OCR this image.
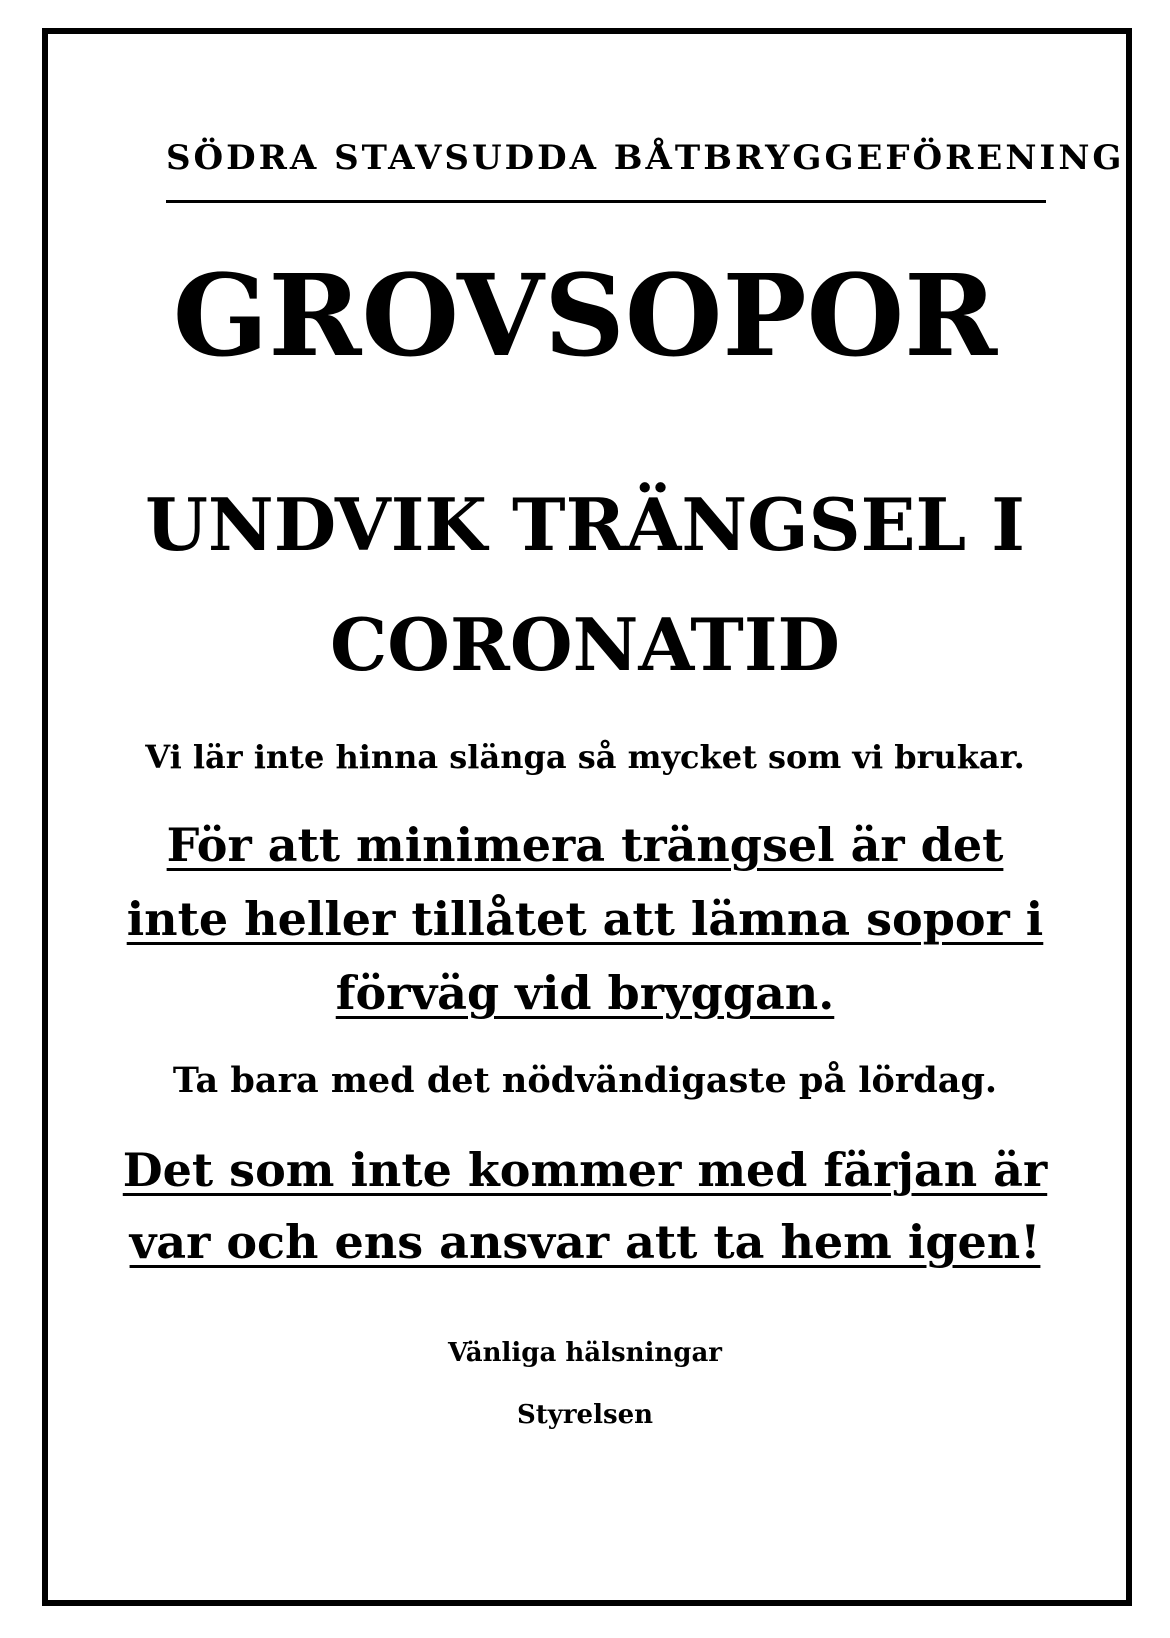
SÖDRA STAVSUDDA BÅTBRYGGEFÖRENING
GROVSOPOR
UNDVIK TRÄNGSEL I
CORONATID
Vi lär inte hinna slänga så mycket som vi brukar.
För att minimera trängsel är det
inte heller tillåtet att lämna sopor i
förväg vid bryggan.
Ta bara med det nödvändigaste på lördag.
Det som inte kommer med färjan är
var och ens ansvar att ta hem igen!
Vänliga hälsningar
Styrelsen
